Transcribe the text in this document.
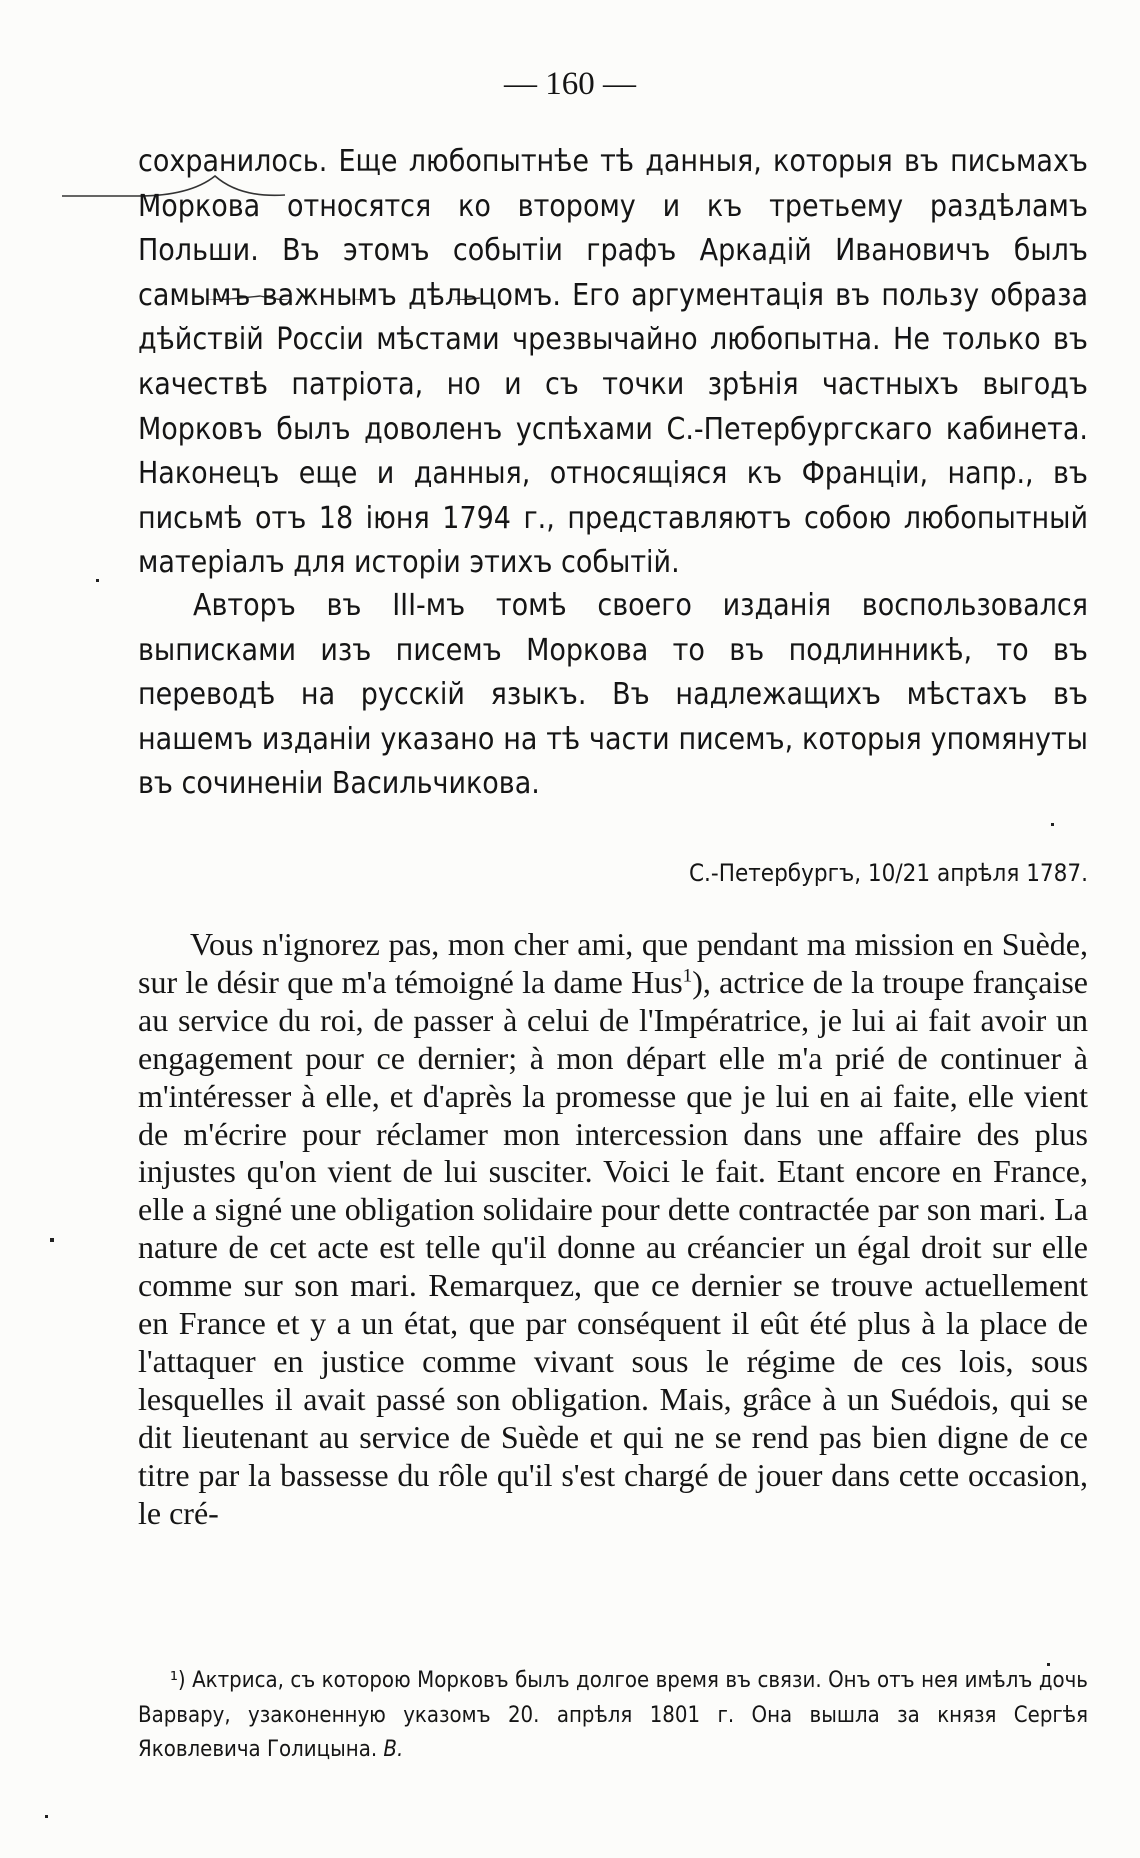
— 160 —

сохранилось. Еще любопытнѣе тѣ данныя, которыя въ письмахъ Моркова относятся ко второму и къ третьему раздѣламъ Польши. Въ этомъ событіи графъ Аркадій Ивановичъ былъ самымъ важнымъ дѣльцомъ. Его аргументація въ пользу образа дѣйствій Россіи мѣстами чрезвычайно любопытна. Не только въ качествѣ патріота, но и съ точки зрѣнія частныхъ выгодъ Морковъ былъ доволенъ успѣхами С.-Петербургскаго кабинета. Наконецъ еще и данныя, относящіяся къ Франціи, напр., въ письмѣ отъ 18 іюня 1794 г., представляютъ собою любопытный матеріалъ для исторіи этихъ событій.

Авторъ въ III-мъ томѣ своего изданія воспользовался выписками изъ писемъ Моркова то въ подлинникѣ, то въ переводѣ на русскій языкъ. Въ надлежащихъ мѣстахъ въ нашемъ изданіи указано на тѣ части писемъ, которыя упомянуты въ сочиненіи Васильчикова.

С.-Петербургъ, 10/21 апрѣля 1787.

Vous n'ignorez pas, mon cher ami, que pendant ma mission en Suède, sur le désir que m'a témoigné la dame Hus$^1$), actrice de la troupe française au service du roi, de passer à celui de l'Impératrice, je lui ai fait avoir un engagement pour ce dernier; à mon départ elle m'a prié de continuer à m'intéresser à elle, et d'après la promesse que je lui en ai faite, elle vient de m'écrire pour réclamer mon intercession dans une affaire des plus injustes qu'on vient de lui susciter. Voici le fait. Etant encore en France, elle a signé une obligation solidaire pour dette contractée par son mari. La nature de cet acte est telle qu'il donne au créancier un égal droit sur elle comme sur son mari. Remarquez, que ce dernier se trouve actuellement en France et y a un état, que par conséquent il eût été plus à la place de l'attaquer en justice comme vivant sous le régime de ces lois, sous lesquelles il avait passé son obligation. Mais, grâce à un Suédois, qui se dit lieutenant au service de Suède et qui ne se rend pas bien digne de ce titre par la bassesse du rôle qu'il s'est chargé de jouer dans cette occasion, le cré-

¹) Актриса, съ которою Морковъ былъ долгое время въ связи. Онъ отъ нея имѣлъ дочь Варвару, узаконенную указомъ 20. апрѣля 1801 г. Она вышла за князя Сергѣя Яковлевича Голицына. В.
